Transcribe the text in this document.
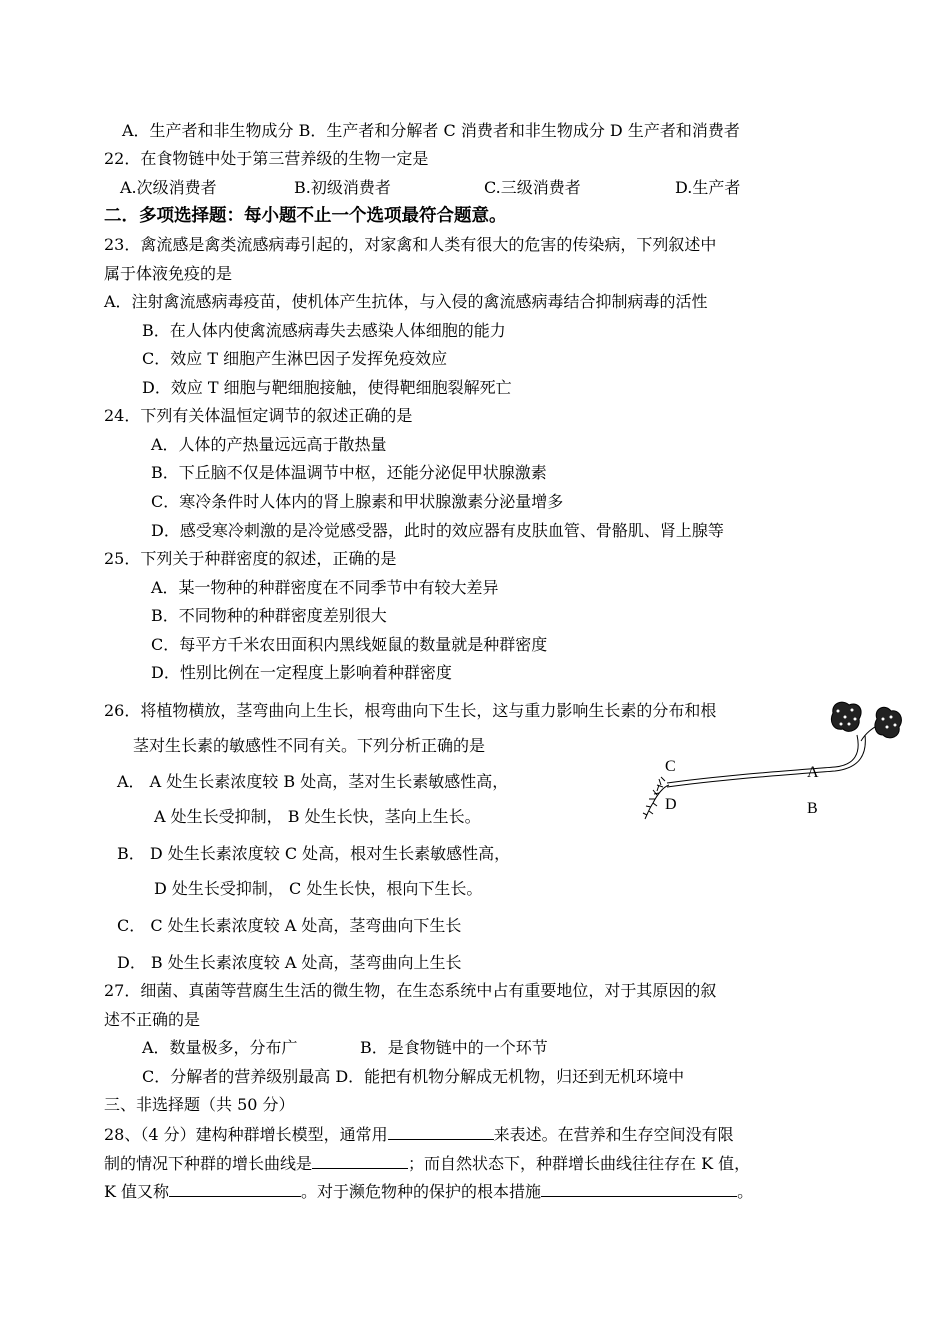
A．生产者和非生物成分 B．生产者和分解者 C 消费者和非生物成分 D 生产者和消费者
22．在食物链中处于第三营养级的生物一定是
A.次级消费者	B.初级消费者	C.三级消费者	D.生产者
二．多项选择题：每小题不止一个选项最符合题意。
23．禽流感是禽类流感病毒引起的，对家禽和人类有很大的危害的传染病，下列叙述中
属于体液免疫的是
A．注射禽流感病毒疫苗，使机体产生抗体，与入侵的禽流感病毒结合抑制病毒的活性
B．在人体内使禽流感病毒失去感染人体细胞的能力
C．效应 T 细胞产生淋巴因子发挥免疫效应
D．效应 T 细胞与靶细胞接触，使得靶细胞裂解死亡
24．下列有关体温恒定调节的叙述正确的是
A．人体的产热量远远高于散热量
B．下丘脑不仅是体温调节中枢，还能分泌促甲状腺激素
C．寒冷条件时人体内的肾上腺素和甲状腺激素分泌量增多
D．感受寒冷刺激的是冷觉感受器，此时的效应器有皮肤血管、骨骼肌、肾上腺等
25．下列关于种群密度的叙述，正确的是
A．某一物种的种群密度在不同季节中有较大差异
B．不同物种的种群密度差别很大
C．每平方千米农田面积内黑线姬鼠的数量就是种群密度
D．性别比例在一定程度上影响着种群密度
26．将植物横放，茎弯曲向上生长，根弯曲向下生长，这与重力影响生长素的分布和根
茎对生长素的敏感性不同有关。下列分析正确的是
A． A 处生长素浓度较 B 处高，茎对生长素敏感性高，
A 处生长受抑制， B 处生长快，茎向上生长。
B． D 处生长素浓度较 C 处高，根对生长素敏感性高，
D 处生长受抑制， C 处生长快，根向下生长。
C． C 处生长素浓度较 A 处高，茎弯曲向下生长
D． B 处生长素浓度较 A 处高，茎弯曲向上生长
C
D
A
B
27．细菌、真菌等营腐生生活的微生物，在生态系统中占有重要地位，对于其原因的叙
述不正确的是
A．数量极多，分布广	B．是食物链中的一个环节
C．分解者的营养级别最高 D．能把有机物分解成无机物，归还到无机环境中
三、非选择题（共 50 分）
28、（4 分）建构种群增长模型，通常用	来表述。在营养和生存空间没有限
制的情况下种群的增长曲线是	；而自然状态下，种群增长曲线往往存在 K 值，
K 值又称	。对于濒危物种的保护的根本措施	。
